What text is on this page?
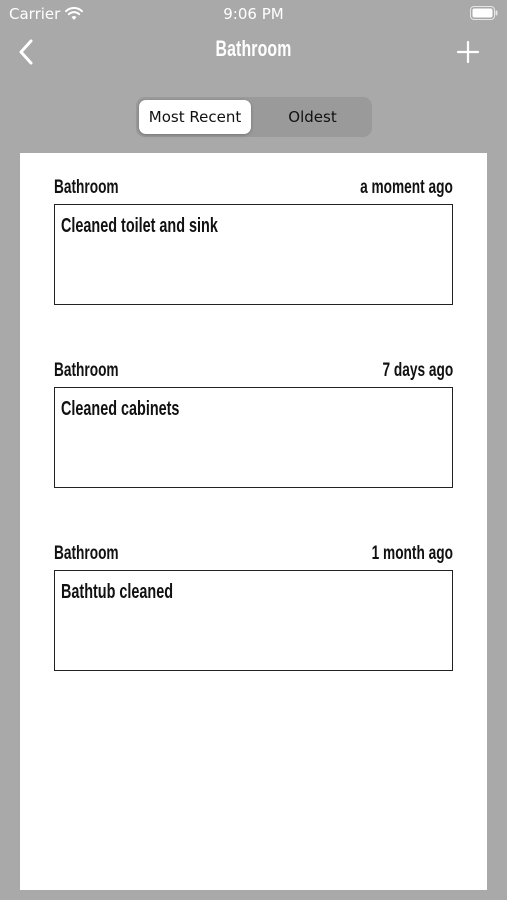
Carrier	9:06 PM
Bathroom
Most Recent	Oldest
Bathroom	a moment ago
Cleaned toilet and sink
Bathroom	7 days ago
Cleaned cabinets
Bathroom	1 month ago
Bathtub cleaned
